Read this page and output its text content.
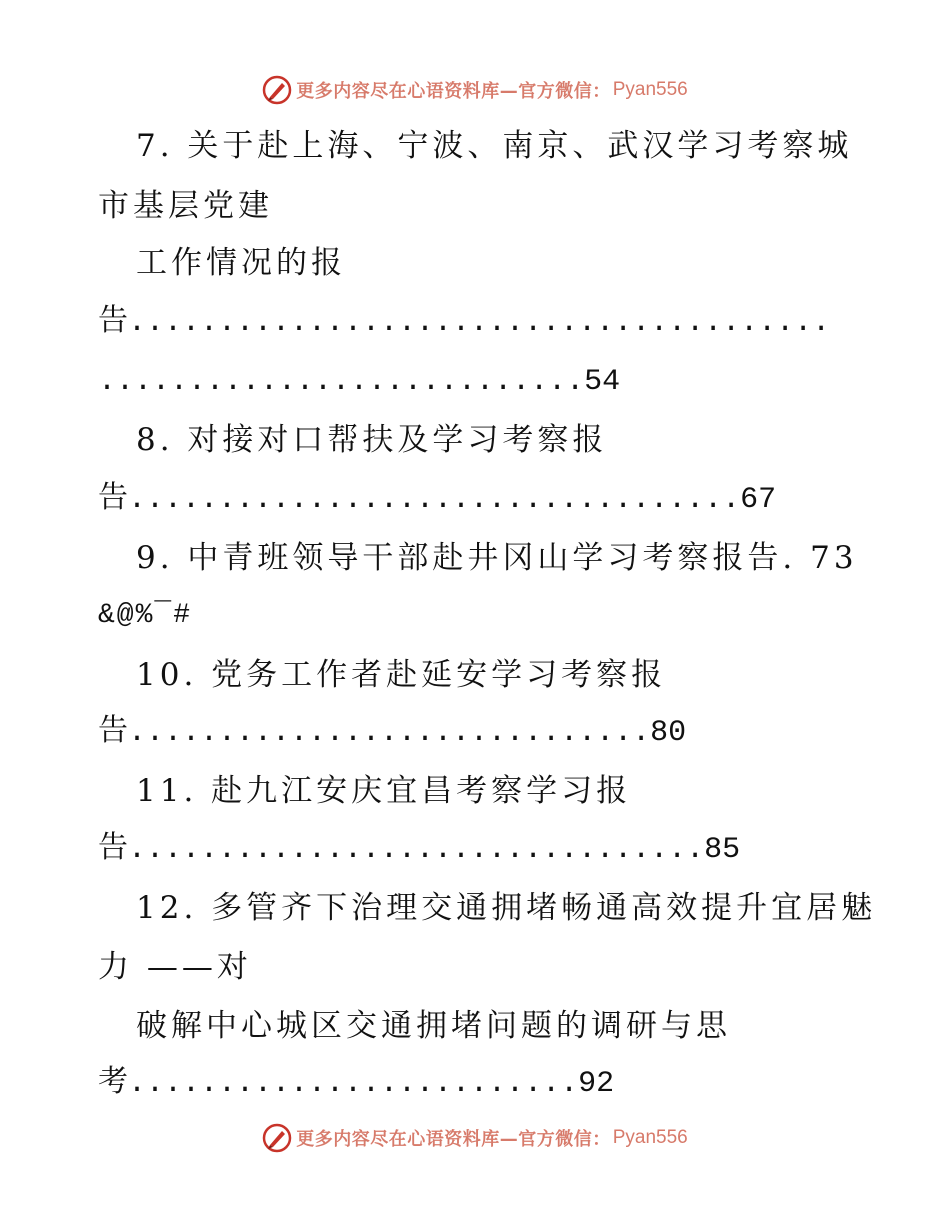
更多内容尽在心语资料库—官方微信： Pyan556
7. 关于赴上海、宁波、南京、武汉学习考察城
市基层党建
工作情况的报
告.......................................
...........................54
8. 对接对口帮扶及学习考察报
告..................................67
9. 中青班领导干部赴井冈山学习考察报告. 73
&@%¯#
10. 党务工作者赴延安学习考察报
告.............................80
11. 赴九江安庆宜昌考察学习报
告................................85
12. 多管齐下治理交通拥堵畅通高效提升宜居魅
力 ——对
破解中心城区交通拥堵问题的调研与思
考.........................92
更多内容尽在心语资料库—官方微信： Pyan556
